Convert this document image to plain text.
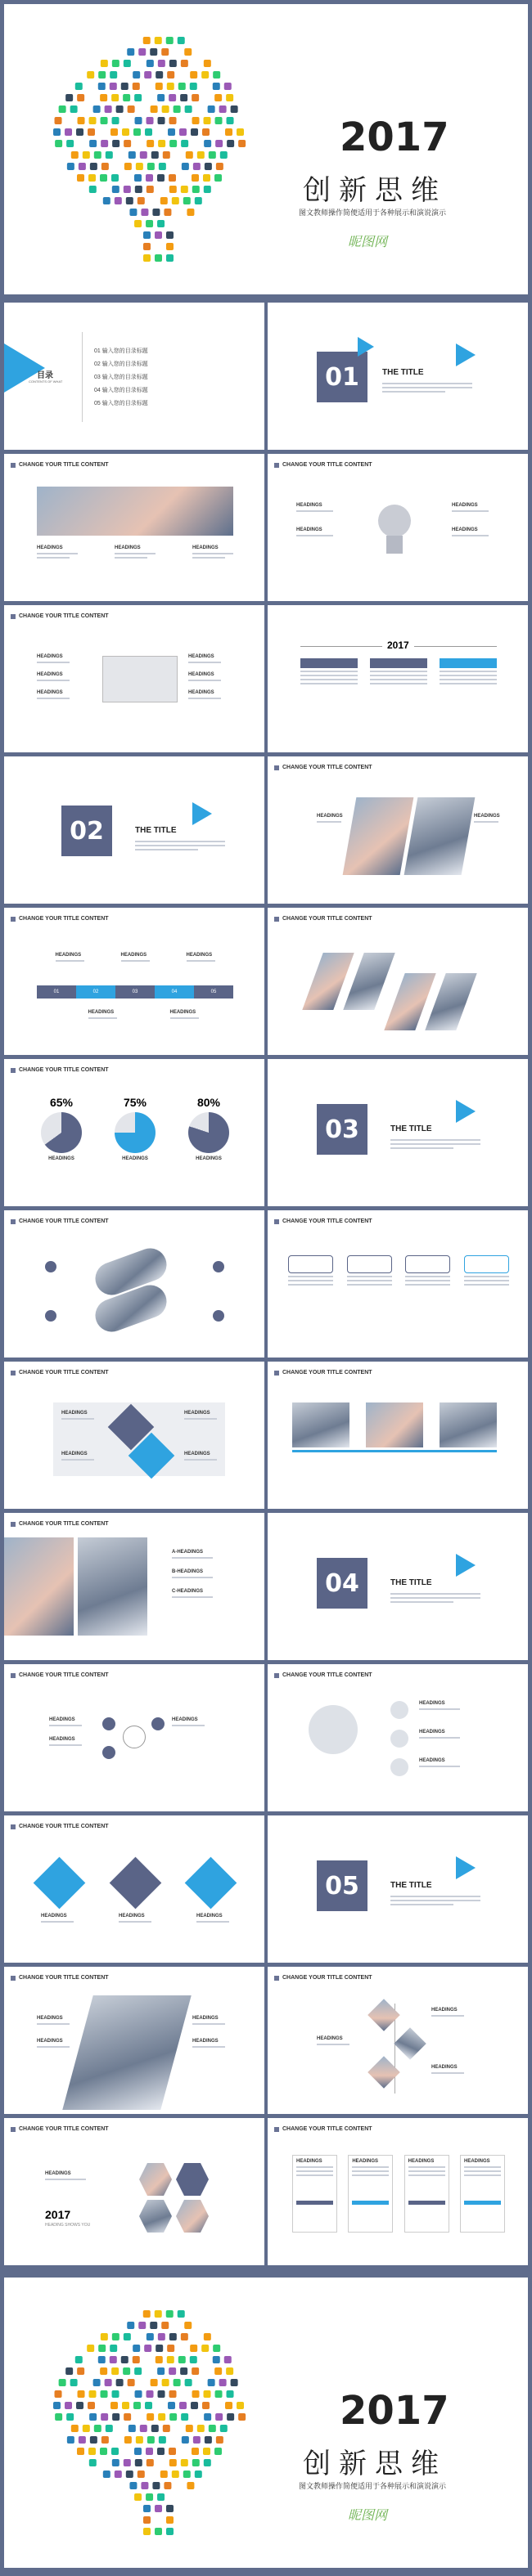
2017
创新思维
图文教师操作简便适用于各种展示和演说演示
昵图网
目录
CONTENTS OF WHAT
01 输入您的目录标题
02 输入您的目录标题
03 输入您的目录标题
04 输入您的目录标题
05 输入您的目录标题
01	THE TITLE
CHANGE YOUR TITLE CONTENT
HEADINGS	HEADINGS	HEADINGS
CHANGE YOUR TITLE CONTENT
HEADINGS
HEADINGS
HEADINGS
HEADINGS
CHANGE YOUR TITLE CONTENT
HEADINGS
HEADINGS
HEADINGS
HEADINGS
HEADINGS
HEADINGS
2017
02	THE TITLE
CHANGE YOUR TITLE CONTENT
HEADINGS	HEADINGS
CHANGE YOUR TITLE CONTENT
01	02	03	04	05
HEADINGS	HEADINGS	HEADINGS
HEADINGS	HEADINGS
CHANGE YOUR TITLE CONTENT
CHANGE YOUR TITLE CONTENT
65%
HEADINGS
75%
HEADINGS
80%
HEADINGS
03	THE TITLE
CHANGE YOUR TITLE CONTENT	CHANGE YOUR TITLE CONTENT
CHANGE YOUR TITLE CONTENT
HEADINGS
HEADINGS
HEADINGS
HEADINGS
CHANGE YOUR TITLE CONTENT
CHANGE YOUR TITLE CONTENT
A-HEADINGS
B-HEADINGS
C-HEADINGS	04	THE TITLE
CHANGE YOUR TITLE CONTENT
HEADINGS
HEADINGS
HEADINGS
CHANGE YOUR TITLE CONTENT
HEADINGS
HEADINGS
HEADINGS
CHANGE YOUR TITLE CONTENT
HEADINGS	HEADINGS	HEADINGS
05	THE TITLE
CHANGE YOUR TITLE CONTENT
HEADINGS
HEADINGS
HEADINGS
HEADINGS
CHANGE YOUR TITLE CONTENT
HEADINGS
HEADINGS
HEADINGS
CHANGE YOUR TITLE CONTENT
HEADINGS
2017
HEADING SHOWS YOU
CHANGE YOUR TITLE CONTENT
HEADINGS	HEADINGS	HEADINGS	HEADINGS
2017
创新思维
图文教师操作简便适用于各种展示和演说演示
昵图网
